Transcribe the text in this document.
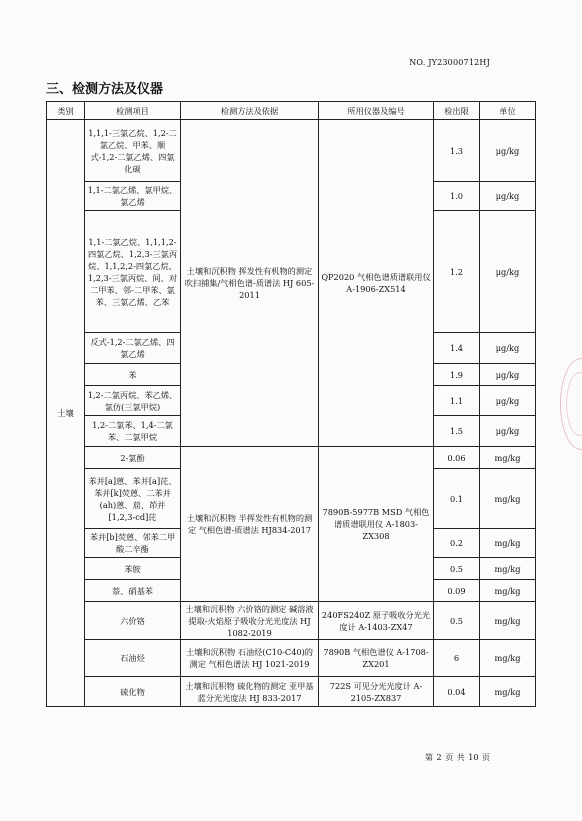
NO. JY23000712HJ
三、检测方法及仪器
类别	检测项目	检测方法及依据	所用仪器及编号	检出限	单位
土壤	1,1,1-三氯乙烷、1,2-二氯乙烷、甲苯、顺式-1,2-二氯乙烯、四氯化碳	土壤和沉积物 挥发性有机物的测定 吹扫捕集/气相色谱-质谱法 HJ 605-2011	QP2020 气相色谱质谱联用仪 A-1906-ZX514	1.3	μg/kg
	1,1-二氯乙烯、氯甲烷、氯乙烯			1.0	μg/kg
	1,1-二氯乙烷、1,1,1,2-四氯乙烷、1,2,3-三氯丙烷、1,1,2,2-四氯乙烷、1,2,3-三氯丙烷、间、对二甲苯、邻-二甲苯、氯苯、三氯乙烯、乙苯			1.2	μg/kg
	反式-1,2-二氯乙烯、四氯乙烯			1.4	μg/kg
	苯			1.9	μg/kg
	1,2-二氯丙烷、苯乙烯、氯仿(三氯甲烷)			1.1	μg/kg
	1,2-二氯苯、1,4-二氯苯、二氯甲烷			1.5	μg/kg
	2-氯酚	土壤和沉积物 半挥发性有机物的测定 气相色谱-质谱法 HJ834-2017	7890B-5977B MSD 气相色谱质谱联用仪 A-1803-ZX308	0.06	mg/kg
	苯并[a]蒽、苯并[a]芘、苯并[k]荧蒽、二苯并(ah)蒽、䓛、茚并[1,2,3-cd]芘			0.1	mg/kg
	苯并[b]荧蒽、邻苯二甲酸二辛酯			0.2	mg/kg
	苯胺			0.5	mg/kg
	萘、硝基苯			0.09	mg/kg
	六价铬	土壤和沉积物 六价铬的测定 碱溶液提取-火焰原子吸收分光光度法 HJ 1082-2019	240FS240Z 原子吸收分光光度计 A-1403-ZX47	0.5	mg/kg
	石油烃	土壤和沉积物 石油烃(C10-C40)的测定 气相色谱法 HJ 1021-2019	7890B 气相色谱仪 A-1708-ZX201	6	mg/kg
	硫化物	土壤和沉积物 硫化物的测定 亚甲基蓝分光光度法 HJ 833-2017	722S 可见分光光度计 A-2105-ZX837	0.04	mg/kg
第 2 页 共 10 页
